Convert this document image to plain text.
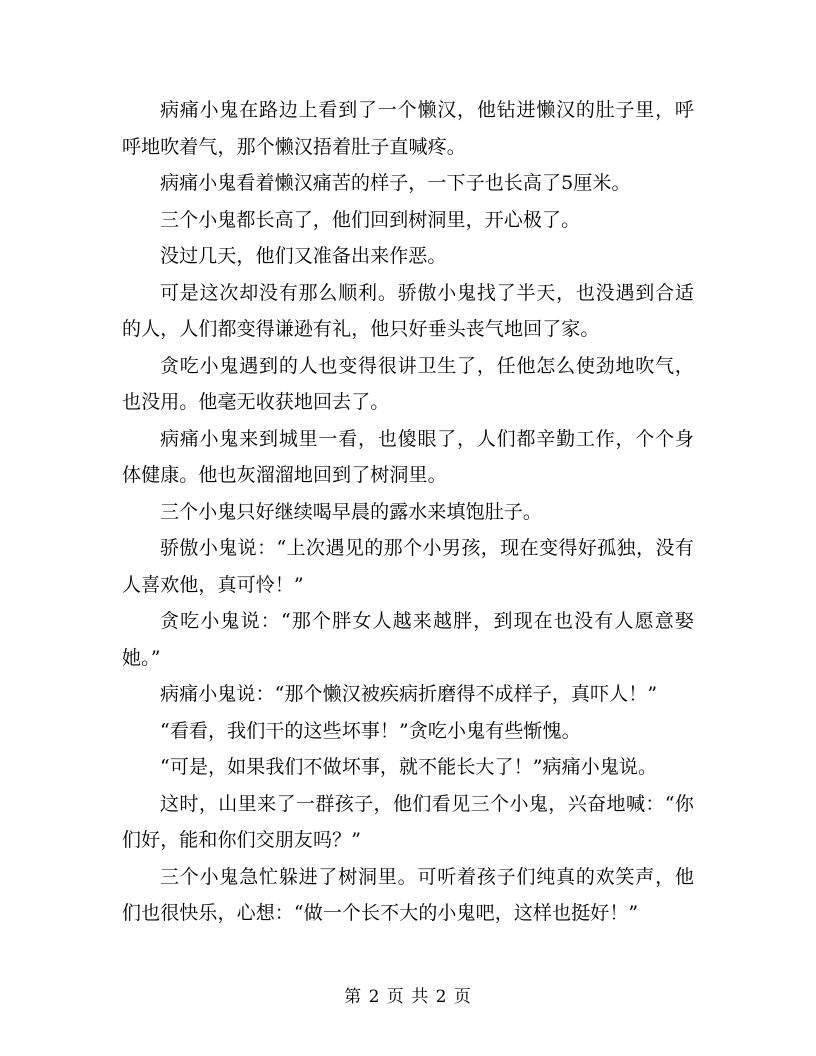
病痛小鬼在路边上看到了一个懒汉，他钻进懒汉的肚子里，呼呼地吹着气，那个懒汉捂着肚子直喊疼。

病痛小鬼看着懒汉痛苦的样子，一下子也长高了5厘米。

三个小鬼都长高了，他们回到树洞里，开心极了。

没过几天，他们又准备出来作恶。

可是这次却没有那么顺利。骄傲小鬼找了半天，也没遇到合适的人，人们都变得谦逊有礼，他只好垂头丧气地回了家。

贪吃小鬼遇到的人也变得很讲卫生了，任他怎么使劲地吹气，也没用。他毫无收获地回去了。

病痛小鬼来到城里一看，也傻眼了，人们都辛勤工作，个个身体健康。他也灰溜溜地回到了树洞里。

三个小鬼只好继续喝早晨的露水来填饱肚子。

骄傲小鬼说：“上次遇见的那个小男孩，现在变得好孤独，没有人喜欢他，真可怜！”

贪吃小鬼说：“那个胖女人越来越胖，到现在也没有人愿意娶她。”

病痛小鬼说：“那个懒汉被疾病折磨得不成样子，真吓人！”

“看看，我们干的这些坏事！”贪吃小鬼有些惭愧。

“可是，如果我们不做坏事，就不能长大了！”病痛小鬼说。

这时，山里来了一群孩子，他们看见三个小鬼，兴奋地喊：“你们好，能和你们交朋友吗？”

三个小鬼急忙躲进了树洞里。可听着孩子们纯真的欢笑声，他们也很快乐，心想：“做一个长不大的小鬼吧，这样也挺好！”

第 2 页 共 2 页
